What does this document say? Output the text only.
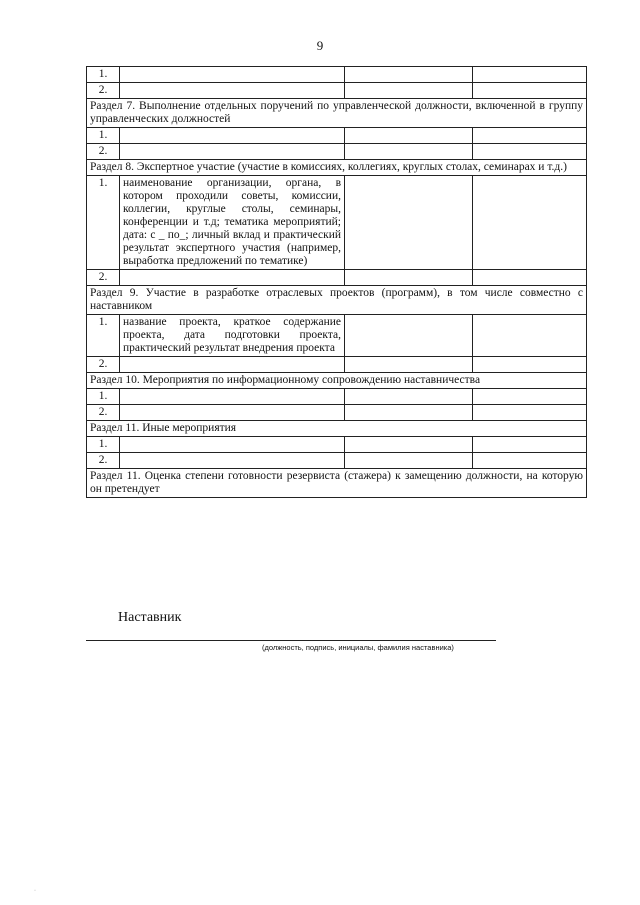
9
1.			
2.			
Раздел 7. Выполнение отдельных поручений по управленческой должности, включенной в группу управленческих должностей			
1.			
2.			
Раздел 8. Экспертное участие (участие в комиссиях, коллегиях, круглых столах, семинарах и т.д.)			
1.	наименование организации, органа, в котором проходили советы, комиссии, коллегии, круглые столы, семинары, конференции и т.д; тематика мероприятий; дата: с _ по_; личный вклад и практический результат экспертного участия (например, выработка предложений по тематике)		
2.			
Раздел 9. Участие в разработке отраслевых проектов (программ), в том числе совместно с наставником			
1.	название проекта, краткое содержание проекта, дата подготовки проекта, практический результат внедрения проекта		
2.			
Раздел 10. Мероприятия по информационному сопровождению наставничества			
1.			
2.			
Раздел 11. Иные мероприятия			
1.			
2.			
Раздел 11. Оценка степени готовности резервиста (стажера) к замещению должности, на которую он претендует			
Наставник
(должность, подпись, инициалы, фамилия наставника)
·
